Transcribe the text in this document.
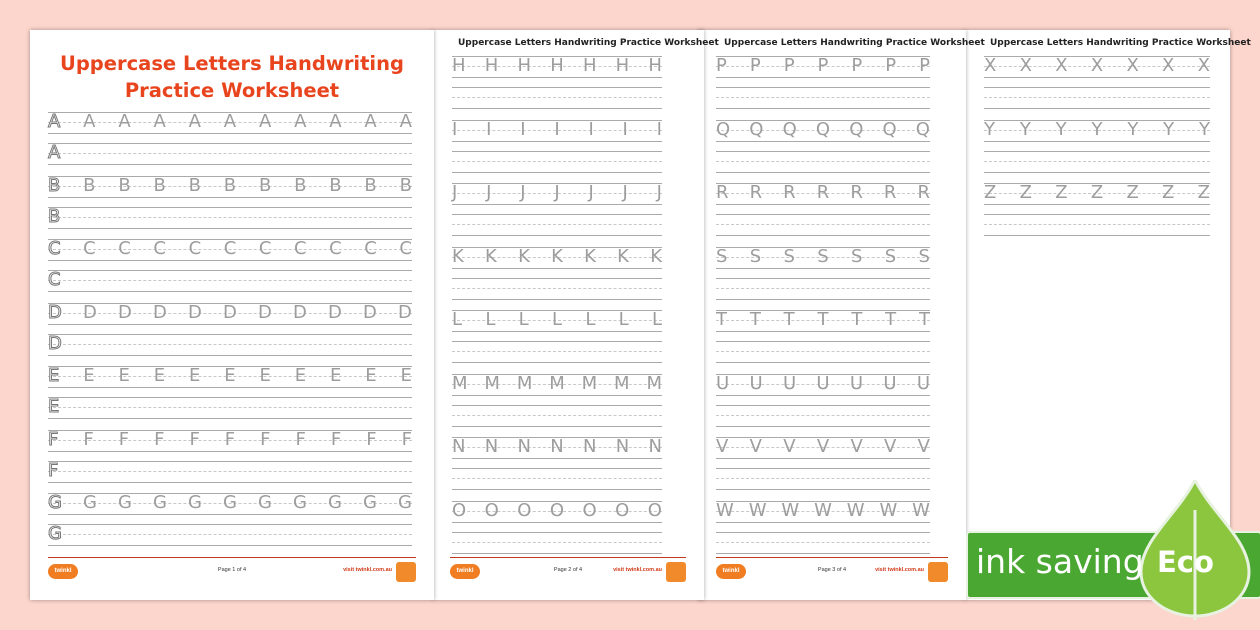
Uppercase Letters Handwriting
Practice Worksheet
A A A A A A A A A A A
A
B B B B B B B B B B B
B
C C C C C C C C C C C
C
D D D D D D D D D D D
D
E E E E E E E E E E E
E
F F F F F F F F F F F
F
G G G G G G G G G G G
G
twinkl	Page 1 of 4	visit twinkl.com.au
Uppercase Letters Handwriting Practice Worksheet
H H H H H H H
I I I I I I I
J J J J J J J
K K K K K K K
L L L L L L L
M M M M M M M
N N N N N N N
O O O O O O O
twinkl	Page 2 of 4	visit twinkl.com.au
Uppercase Letters Handwriting Practice Worksheet
P P P P P P P
Q Q Q Q Q Q Q
R R R R R R R
S S S S S S S
T T T T T T T
U U U U U U U
V V V V V V V
W W W W W W W
twinkl	Page 3 of 4	visit twinkl.com.au
Uppercase Letters Handwriting Practice Worksheet
X X X X X X X
Y Y Y Y Y Y Y
Z Z Z Z Z Z Z
ink saving Eco
